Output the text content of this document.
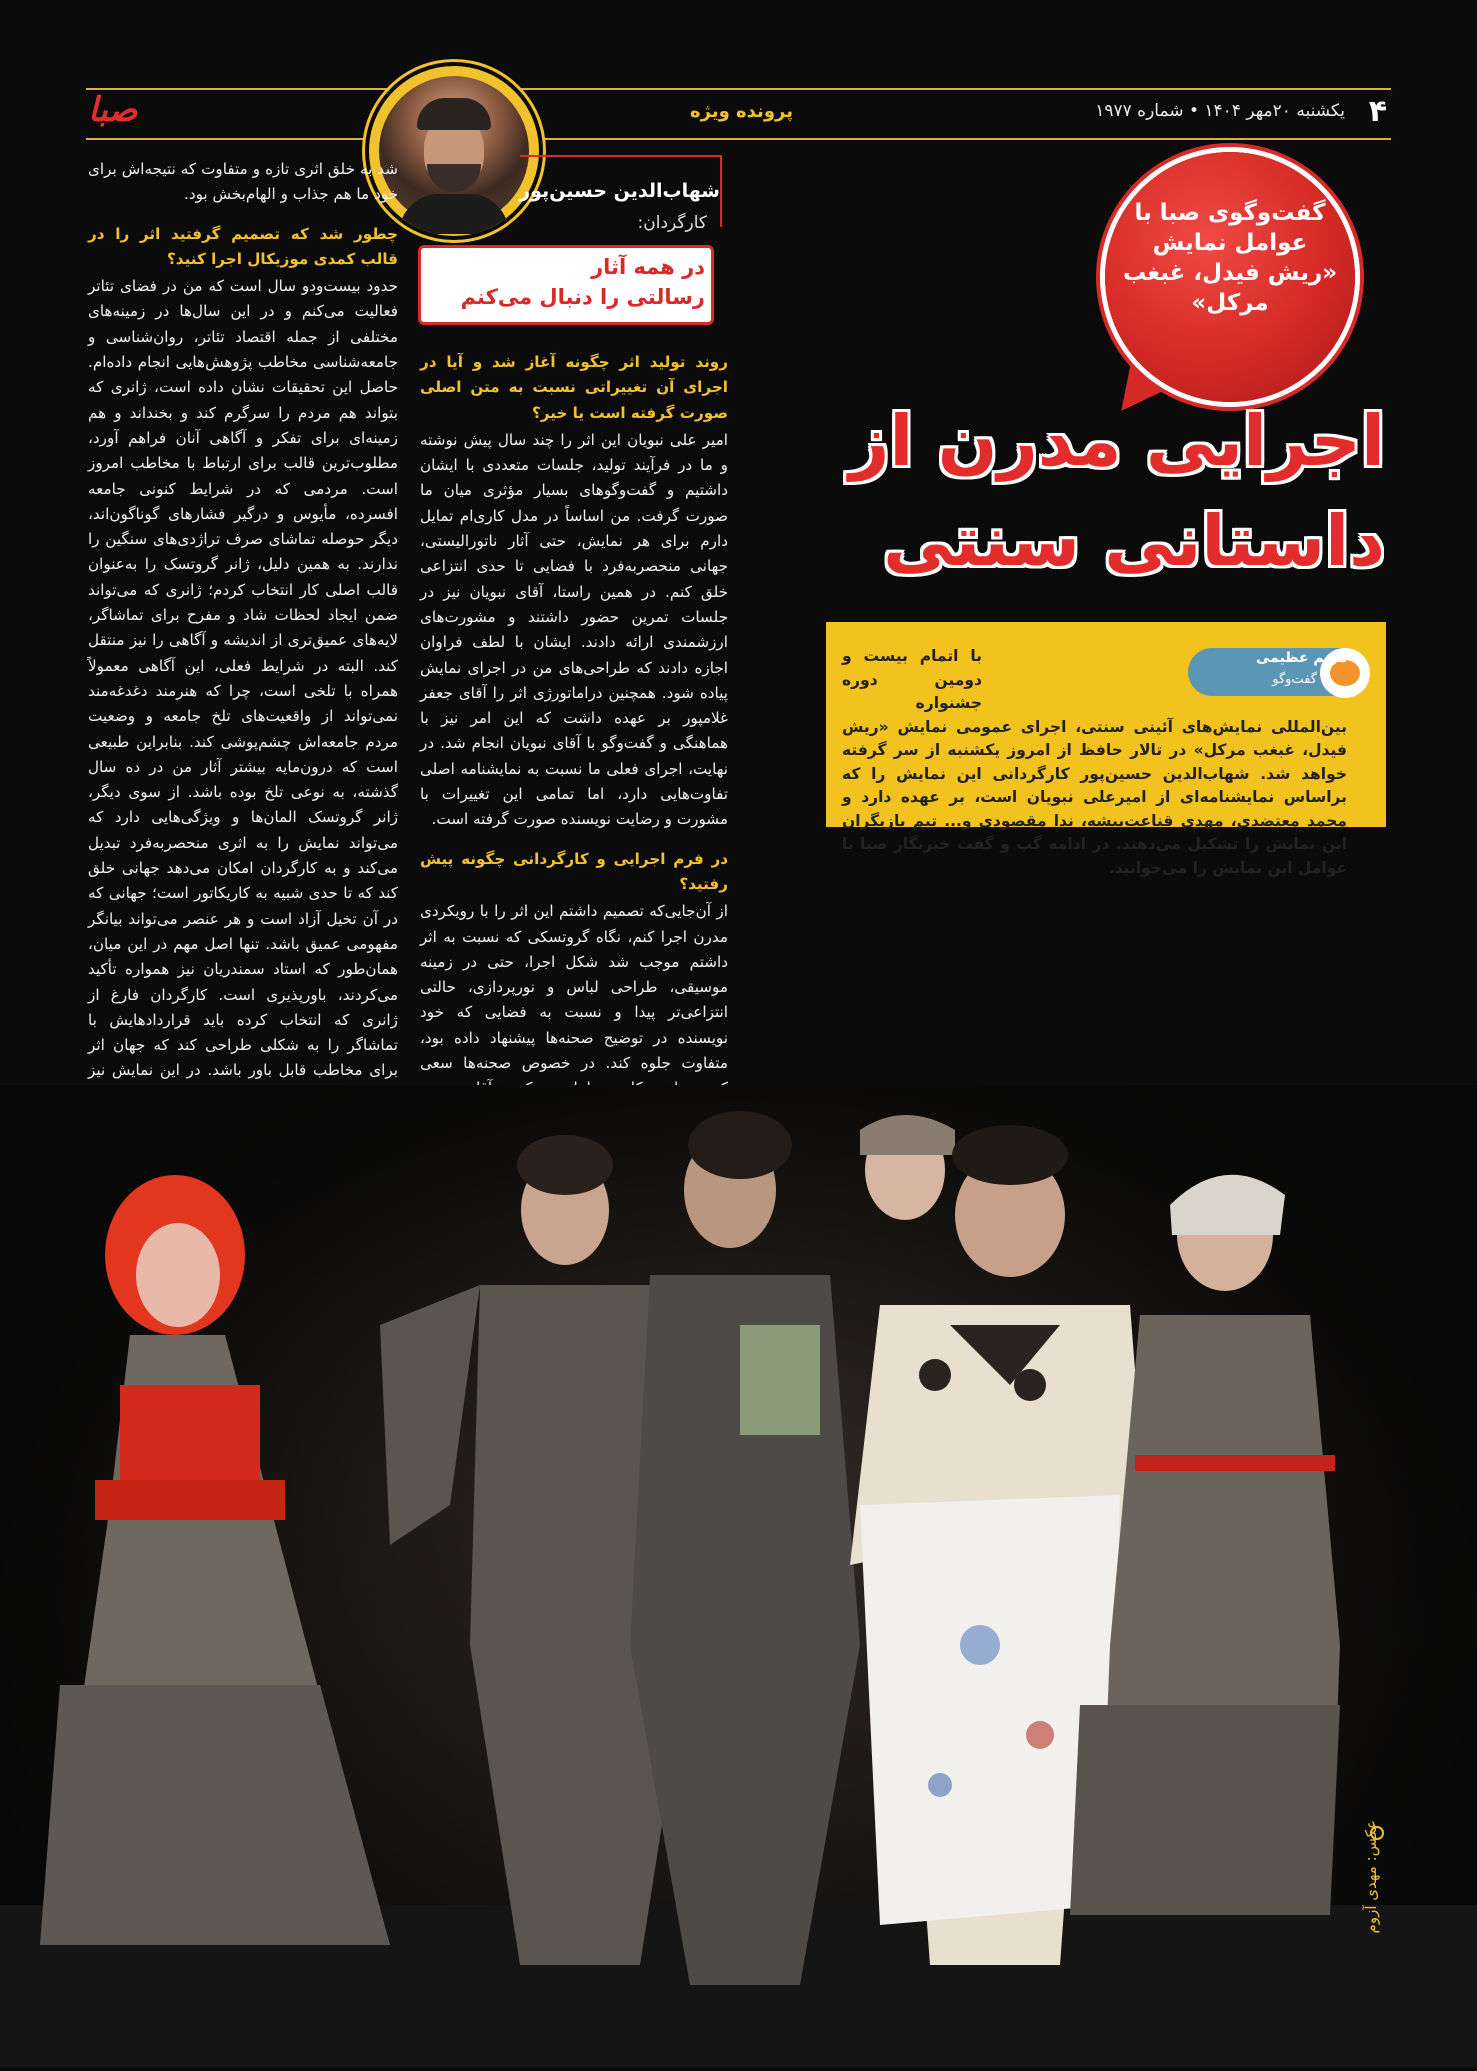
۴
یکشنبه ۲۰مهر ۱۴۰۴ • شماره ۱۹۷۷
پرونده ویژه
صبا
شهاب‌الدین حسین‌پور
کارگردان:
در همه آثار
رسالتی را دنبال می‌کنم
گفت‌وگوی صبا با عوامل نمایش «ریش فیدل، غبغب مرکل»
اجرایی مدرن از
داستانی سنتی
مریم عظیمی
گفت‌وگو
با اتمام بیست و دومین دوره جشنواره بین‌المللی نمایش‌های آئینی سنتی، اجرای عمومی نمایش «ریش فیدل، غبغب مرکل» در تالار حافظ از امروز یکشنبه از سر گرفته خواهد شد. شهاب‌الدین حسین‌پور کارگردانی این نمایش را که براساس نمایشنامه‌ای از امیرعلی نبویان است، بر عهده دارد و محمد معتضدی، مهدی قناعت‌پیشه، ندا مقصودی و... تیم بازیگران این نمایش را تشکیل می‌دهند. در ادامه گپ و گفت خبرنگار صبا با عوامل این نمایش را می‌خوانید.

روند تولید اثر چگونه آغاز شد و آیا در اجرای آن تغییراتی نسبت به متن اصلی صورت گرفته است یا خیر؟

امیر علی نبویان این اثر را چند سال پیش نوشته و ما در فرآیند تولید، جلسات متعددی با ایشان داشتیم و گفت‌وگوهای بسیار مؤثری میان ما صورت گرفت. من اساساً در مدل کاری‌ام تمایل دارم برای هر نمایش، حتی آثار ناتورالیستی، جهانی منحصربه‌فرد با فضایی تا حدی انتزاعی خلق کنم. در همین راستا، آقای نبویان نیز در جلسات تمرین حضور داشتند و مشورت‌های ارزشمندی ارائه دادند. ایشان با لطف فراوان اجازه دادند که طراحی‌های من در اجرای نمایش پیاده شود. همچنین دراماتورژی اثر را آقای جعفر غلامپور بر عهده داشت که این امر نیز با هماهنگی و گفت‌وگو با آقای نبویان انجام شد. در نهایت، اجرای فعلی ما نسبت به نمایشنامه اصلی تفاوت‌هایی دارد، اما تمامی این تغییرات با مشورت و رضایت نویسنده صورت گرفته است.

در فرم اجرایی و کارگردانی چگونه پیش رفتید؟

از آن‌جایی‌که تصمیم داشتم این اثر را با رویکردی مدرن اجرا کنم، نگاه گروتسکی که نسبت به اثر داشتم موجب شد شکل اجرا، حتی در زمینه موسیقی، طراحی لباس و نورپردازی، حالتی انتزاعی‌تر پیدا و نسبت به فضایی که خود نویسنده در توضیح صحنه‌ها پیشنهاد داده بود، متفاوت جلوه کند. در خصوص صحنه‌ها سعی

شد به خلق اثری تازه و متفاوت که نتیجه‌اش برای خود ما هم جذاب و الهام‌بخش بود.

چطور شد که تصمیم گرفتید اثر را در قالب کمدی موزیکال اجرا کنید؟

حدود بیست‌ودو سال است که من در فضای تئاتر فعالیت می‌کنم و در این سال‌ها در زمینه‌های مختلفی از جمله اقتصاد تئاتر، روان‌شناسی و جامعه‌شناسی مخاطب پژوهش‌هایی انجام داده‌ام. حاصل این تحقیقات نشان داده است، ژانری که بتواند هم مردم را سرگرم کند و بخنداند و هم زمینه‌ای برای تفکر و آگاهی آنان فراهم آورد، مطلوب‌ترین قالب برای ارتباط با مخاطب امروز است. مردمی که در شرایط کنونی جامعه افسرده، مأیوس و درگیر فشارهای گوناگون‌اند، دیگر حوصله تماشای صرف تراژدی‌های سنگین را ندارند. به همین دلیل، ژانر گروتسک را به‌عنوان قالب اصلی کار انتخاب کردم؛ ژانری که می‌تواند ضمن ایجاد لحظات شاد و مفرح برای تماشاگر، لایه‌های عمیق‌تری از اندیشه و آگاهی را نیز منتقل کند. البته در شرایط فعلی، این آگاهی معمولاً همراه با تلخی است، چرا که هنرمند دغدغه‌مند نمی‌تواند از واقعیت‌های تلخ جامعه و وضعیت مردم جامعه‌اش چشم‌پوشی کند. بنابراین طبیعی است که درون‌مایه بیشتر آثار من در ده سال گذشته، به نوعی تلخ بوده باشد. از سوی دیگر، ژانر گروتسک المان‌ها و ویژگی‌هایی دارد که می‌تواند نمایش را به اثری منحصربه‌فرد تبدیل می‌کند و به کارگردان امکان می‌دهد جهانی خلق کند که تا حدی شبیه به کاریکاتور است؛ جهانی که در آن تخیل آزاد است و هر عنصر می‌تواند بیانگر مفهومی عمیق باشد. تنها اصل مهم در این میان، همان‌طور که استاد سمندریان نیز همواره تأکید می‌کردند، باورپذیری است. کارگردان فارغ از ژانری که انتخاب کرده باید قراردادهایش با تماشاگر را به شکلی طراحی کند که جهان اثر برای مخاطب قابل باور باشد. در این نمایش نیز

عکس: مهدی آزوم
